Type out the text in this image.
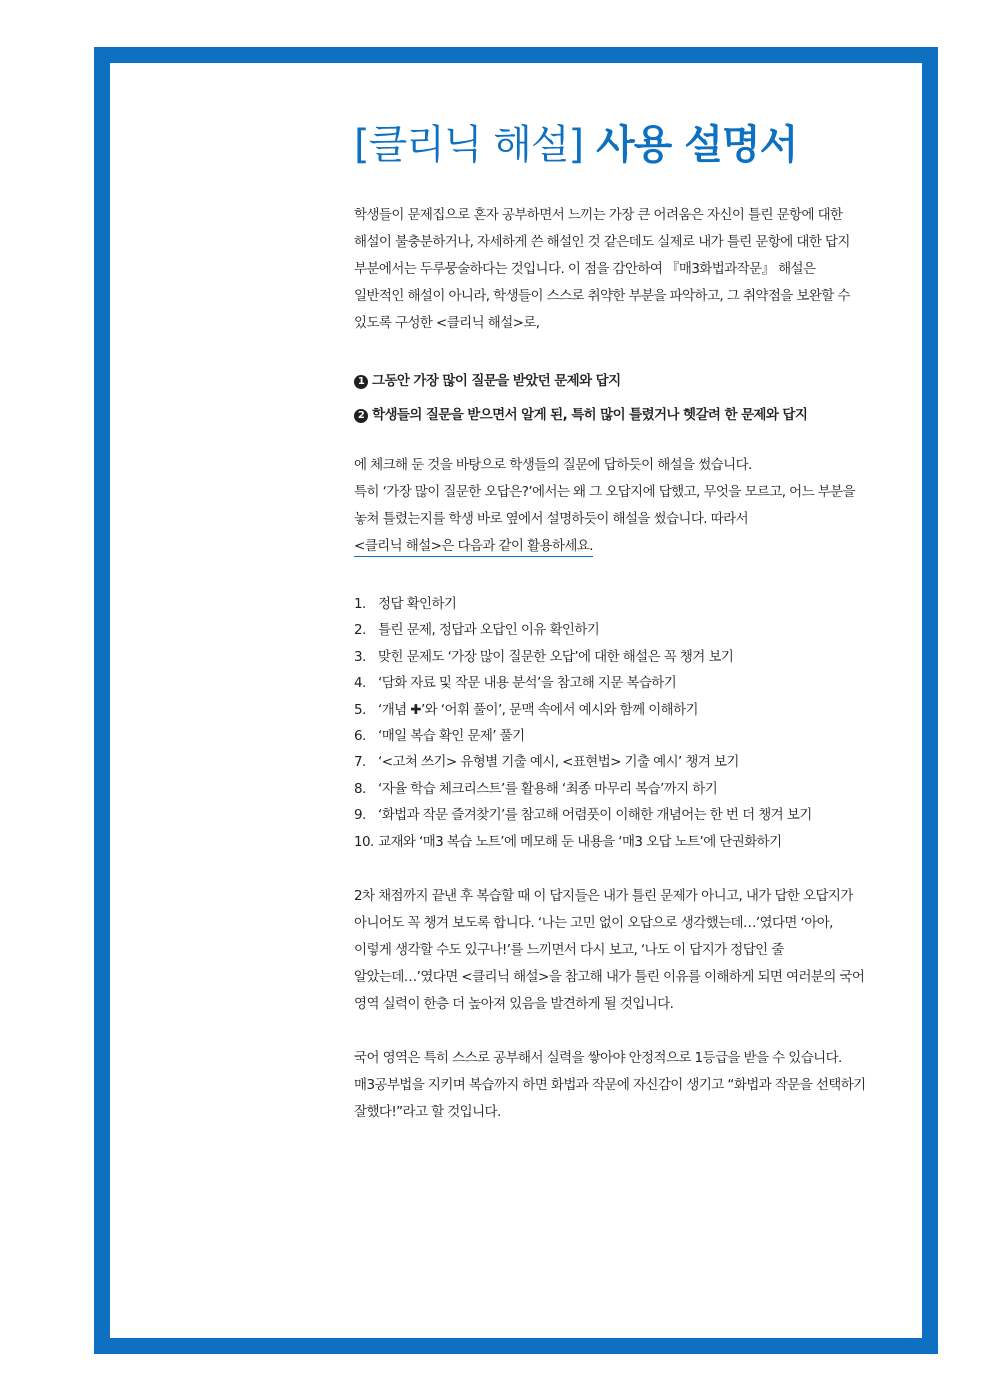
[클리닉 해설] 사용 설명서

학생들이 문제집으로 혼자 공부하면서 느끼는 가장 큰 어려움은 자신이 틀린 문항에 대한 해설이 불충분하거나, 자세하게 쓴 해설인 것 같은데도 실제로 내가 틀린 문항에 대한 답지 부분에서는 두루뭉술하다는 것입니다. 이 점을 감안하여 『매3화법과작문』 해설은 일반적인 해설이 아니라, 학생들이 스스로 취약한 부분을 파악하고, 그 취약점을 보완할 수 있도록 구성한 <클리닉 해설>로,

1 그동안 가장 많이 질문을 받았던 문제와 답지

2 학생들의 질문을 받으면서 알게 된, 특히 많이 틀렸거나 헷갈려 한 문제와 답지

에 체크해 둔 것을 바탕으로 학생들의 질문에 답하듯이 해설을 썼습니다.
특히 ‘가장 많이 질문한 오답은?’에서는 왜 그 오답지에 답했고, 무엇을 모르고, 어느 부분을 놓쳐 틀렸는지를 학생 바로 옆에서 설명하듯이 해설을 썼습니다. 따라서
<클리닉 해설>은 다음과 같이 활용하세요.

1. 정답 확인하기
2. 틀린 문제, 정답과 오답인 이유 확인하기
3. 맞힌 문제도 ‘가장 많이 질문한 오답’에 대한 해설은 꼭 챙겨 보기
4. ‘담화 자료 및 작문 내용 분석’을 참고해 지문 복습하기
5. ‘개념 ✚’와 ‘어휘 풀이’, 문맥 속에서 예시와 함께 이해하기
6. ‘매일 복습 확인 문제’ 풀기
7. ‘<고쳐 쓰기> 유형별 기출 예시, <표현법> 기출 예시’ 챙겨 보기
8. ‘자율 학습 체크리스트’를 활용해 ‘최종 마무리 복습’까지 하기
9. ‘화법과 작문 즐겨찾기’를 참고해 어렴풋이 이해한 개념어는 한 번 더 챙겨 보기
10. 교재와 ‘매3 복습 노트’에 메모해 둔 내용을 ‘매3 오답 노트’에 단권화하기

2차 채점까지 끝낸 후 복습할 때 이 답지들은 내가 틀린 문제가 아니고, 내가 답한 오답지가 아니어도 꼭 챙겨 보도록 합니다. ‘나는 고민 없이 오답으로 생각했는데…’였다면 ‘아아, 이렇게 생각할 수도 있구나!’를 느끼면서 다시 보고, ‘나도 이 답지가 정답인 줄 알았는데…’였다면 <클리닉 해설>을 참고해 내가 틀린 이유를 이해하게 되면 여러분의 국어 영역 실력이 한층 더 높아져 있음을 발견하게 될 것입니다.

국어 영역은 특히 스스로 공부해서 실력을 쌓아야 안정적으로 1등급을 받을 수 있습니다. 매3공부법을 지키며 복습까지 하면 화법과 작문에 자신감이 생기고 “화법과 작문을 선택하기 잘했다!”라고 할 것입니다.
